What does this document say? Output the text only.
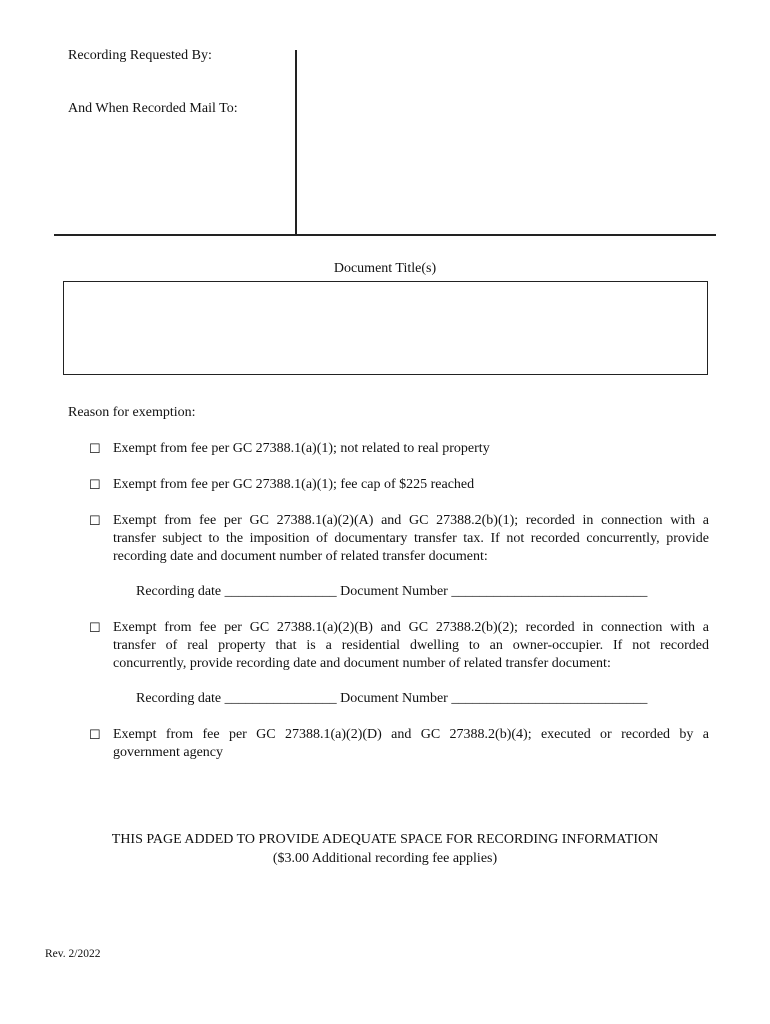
Recording Requested By:
And When Recorded Mail To:
Document Title(s)
Reason for exemption:
☐ Exempt from fee per GC 27388.1(a)(1); not related to real property
☐ Exempt from fee per GC 27388.1(a)(1); fee cap of $225 reached
☐ Exempt from fee per GC 27388.1(a)(2)(A) and GC 27388.2(b)(1); recorded in connection with a
transfer subject to the imposition of documentary transfer tax. If not recorded concurrently, provide
recording date and document number of related transfer document:
Recording date ________________ Document Number ____________________________
☐ Exempt from fee per GC 27388.1(a)(2)(B) and GC 27388.2(b)(2); recorded in connection with a
transfer of real property that is a residential dwelling to an owner-occupier. If not recorded
concurrently, provide recording date and document number of related transfer document:
Recording date ________________ Document Number ____________________________
☐ Exempt from fee per GC 27388.1(a)(2)(D) and GC 27388.2(b)(4); executed or recorded by a
government agency
THIS PAGE ADDED TO PROVIDE ADEQUATE SPACE FOR RECORDING INFORMATION
($3.00 Additional recording fee applies)
Rev. 2/2022
